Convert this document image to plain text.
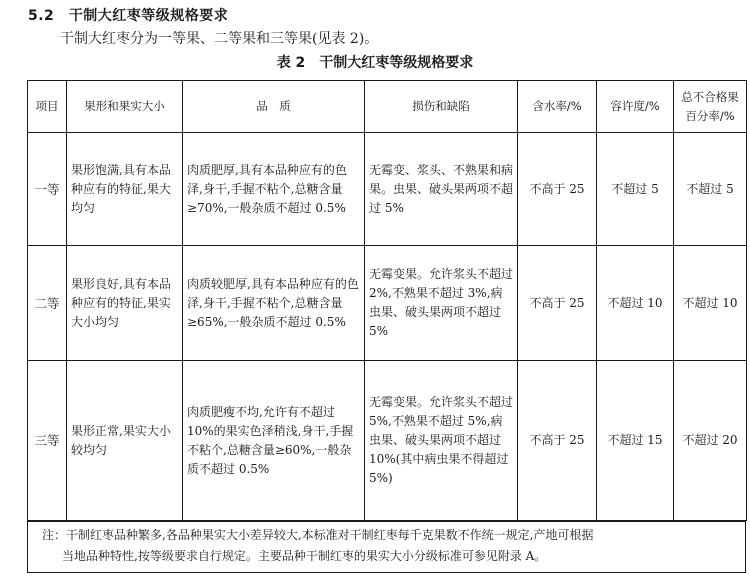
5.2　 干制大红枣等级规格要求
干制大红枣分为一等果、二等果和三等果(见表 2)。
表 2　干制大红枣等级规格要求
项目	果形和果实大小	品　质	损伤和缺陷	含水率/%	容许度/%	总不合格果百分率/%
一等	果形饱满,具有本品种应有的特征,果大均匀	肉质肥厚,具有本品种应有的色泽,身干,手握不粘个,总糖含量≥70%,一般杂质不超过 0.5%	无霉变、浆头、不熟果和病果。虫果、破头果两项不超过 5%	不高于 25	不超过 5	不超过 5
二等	果形良好,具有本品种应有的特征,果实大小均匀	肉质较肥厚,具有本品种应有的色泽,身干,手握不粘个,总糖含量≥65%,一般杂质不超过 0.5%	无霉变果。允许浆头不超过 2%,不熟果不超过 3%,病虫果、破头果两项不超过 5%	不高于 25	不超过 10	不超过 10
三等	果形正常,果实大小较均匀	肉质肥瘦不均,允许有不超过 10%的果实色泽稍浅,身干,手握不粘个,总糖含量≥60%,一般杂质不超过 0.5%	无霉变果。允许浆头不超过 5%,不熟果不超过 5%,病虫果、破头果两项不超过 10%(其中病虫果不得超过 5%)	不高于 25	不超过 15	不超过 20
注：干制红枣品种繁多,各品种果实大小差异较大,本标准对干制红枣每千克果数不作统一规定,产地可根据
当地品种特性,按等级要求自行规定。主要品种干制红枣的果实大小分级标准可参见附录 A。
